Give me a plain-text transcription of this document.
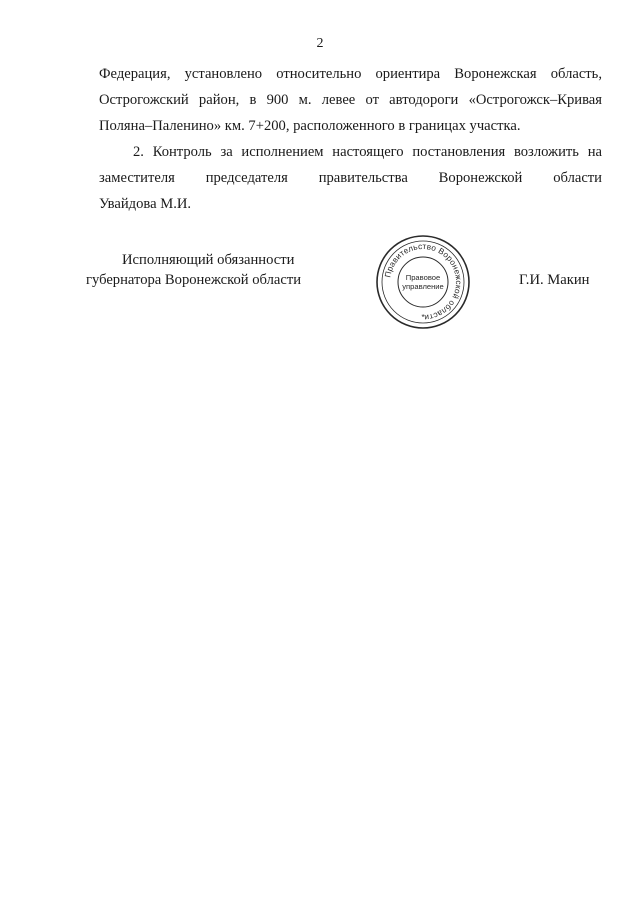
2
Федерация, установлено относительно ориентира Воронежская область,
Острогожский район, в 900 м. левее от автодороги «Острогожск–Кривая
Поляна–Паленино» км. 7+200, расположенного в границах участка.
2. Контроль за исполнением настоящего постановления возложить на
заместителя председателя правительства Воронежской области
Увайдова М.И.
Исполняющий обязанности
губернатора Воронежской области	Правительство Воронежской области
Правовое
управление
*
Г.И. Макин
